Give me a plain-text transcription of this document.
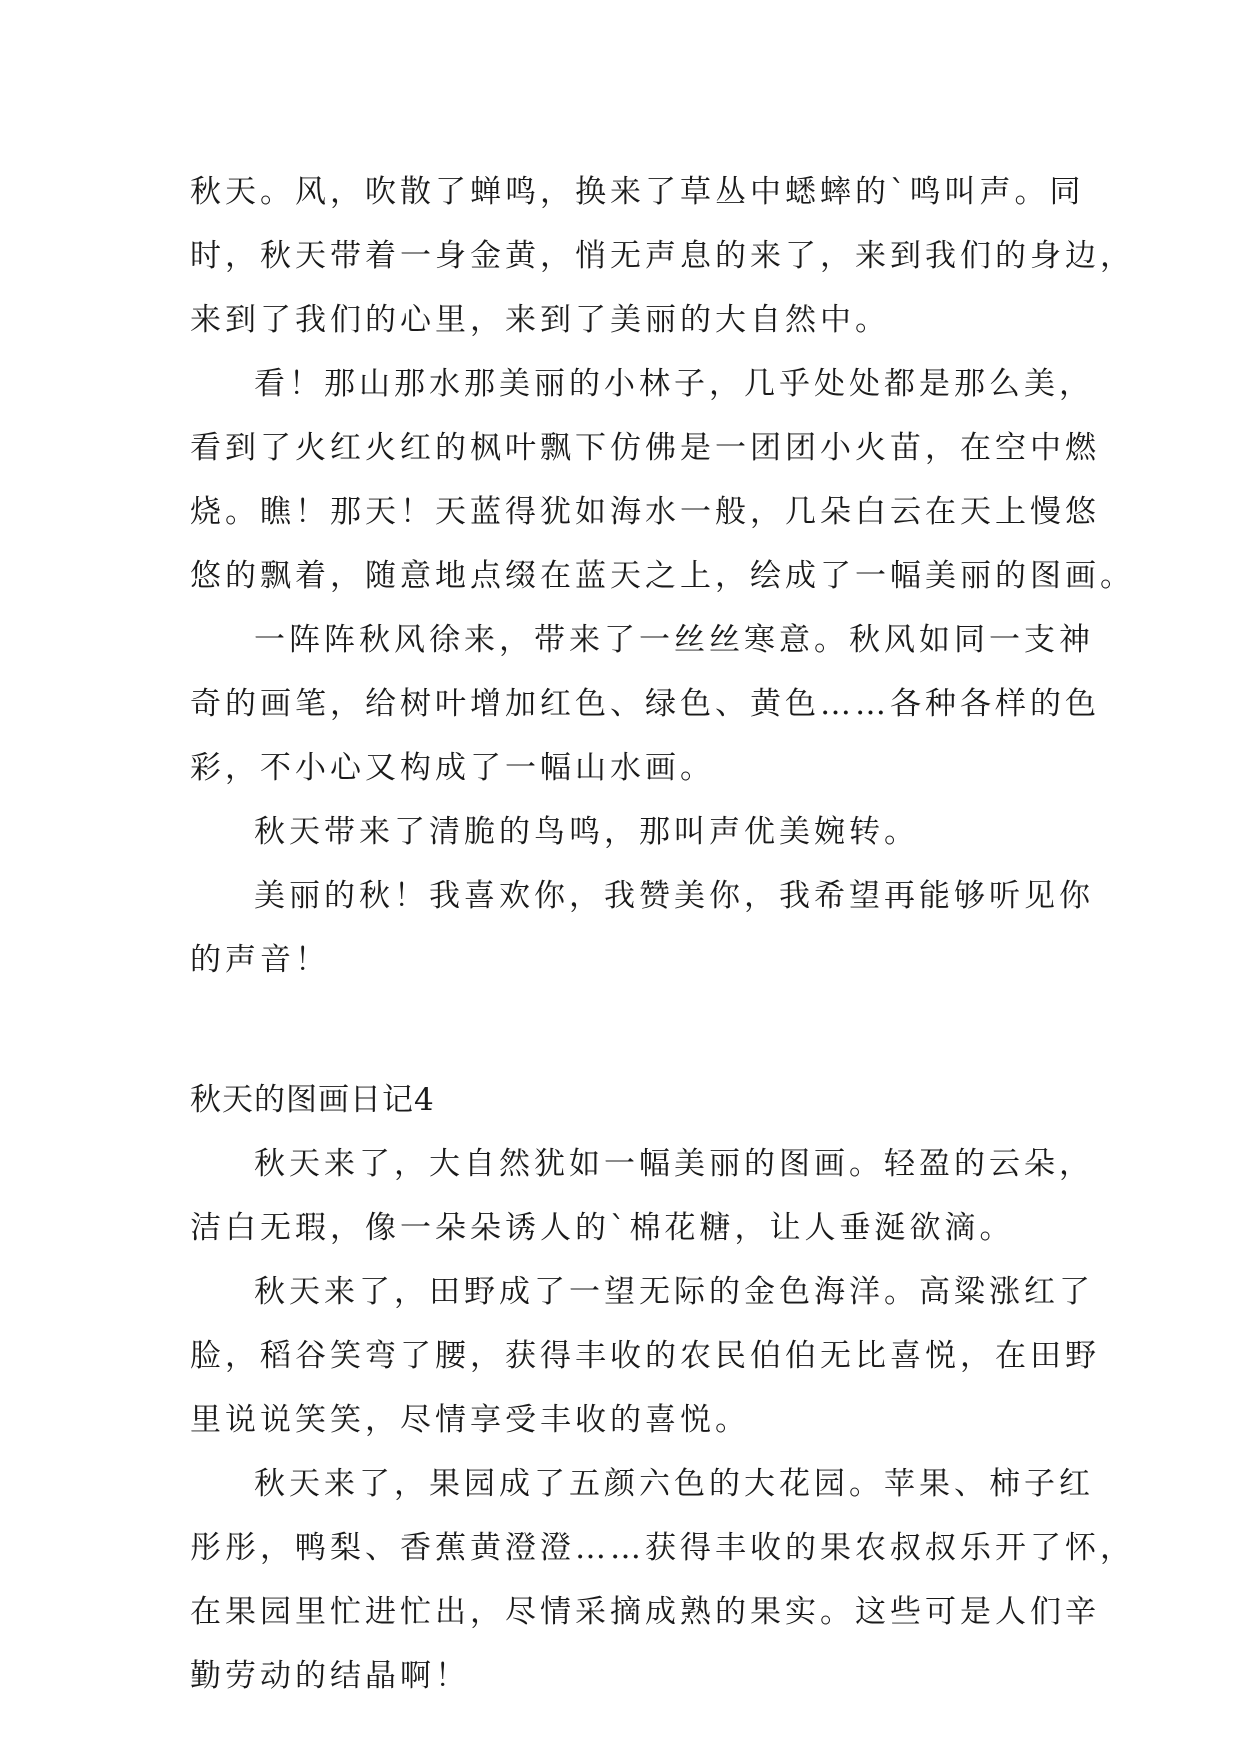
秋天。风，吹散了蝉鸣，换来了草丛中蟋蟀的`鸣叫声。同
时，秋天带着一身金黄，悄无声息的来了，来到我们的身边，
来到了我们的心里，来到了美丽的大自然中。
看！那山那水那美丽的小林子，几乎处处都是那么美，
看到了火红火红的枫叶飘下仿佛是一团团小火苗，在空中燃
烧。瞧！那天！天蓝得犹如海水一般，几朵白云在天上慢悠
悠的飘着，随意地点缀在蓝天之上，绘成了一幅美丽的图画。
一阵阵秋风徐来，带来了一丝丝寒意。秋风如同一支神
奇的画笔，给树叶增加红色、绿色、黄色……各种各样的色
彩，不小心又构成了一幅山水画。
秋天带来了清脆的鸟鸣，那叫声优美婉转。
美丽的秋！我喜欢你，我赞美你，我希望再能够听见你
的声音！
秋天的图画日记4
秋天来了，大自然犹如一幅美丽的图画。轻盈的云朵，
洁白无瑕，像一朵朵诱人的`棉花糖，让人垂涎欲滴。
秋天来了，田野成了一望无际的金色海洋。高粱涨红了
脸，稻谷笑弯了腰，获得丰收的农民伯伯无比喜悦，在田野
里说说笑笑，尽情享受丰收的喜悦。
秋天来了，果园成了五颜六色的大花园。苹果、柿子红
彤彤，鸭梨、香蕉黄澄澄……获得丰收的果农叔叔乐开了怀，
在果园里忙进忙出，尽情采摘成熟的果实。这些可是人们辛
勤劳动的结晶啊！
